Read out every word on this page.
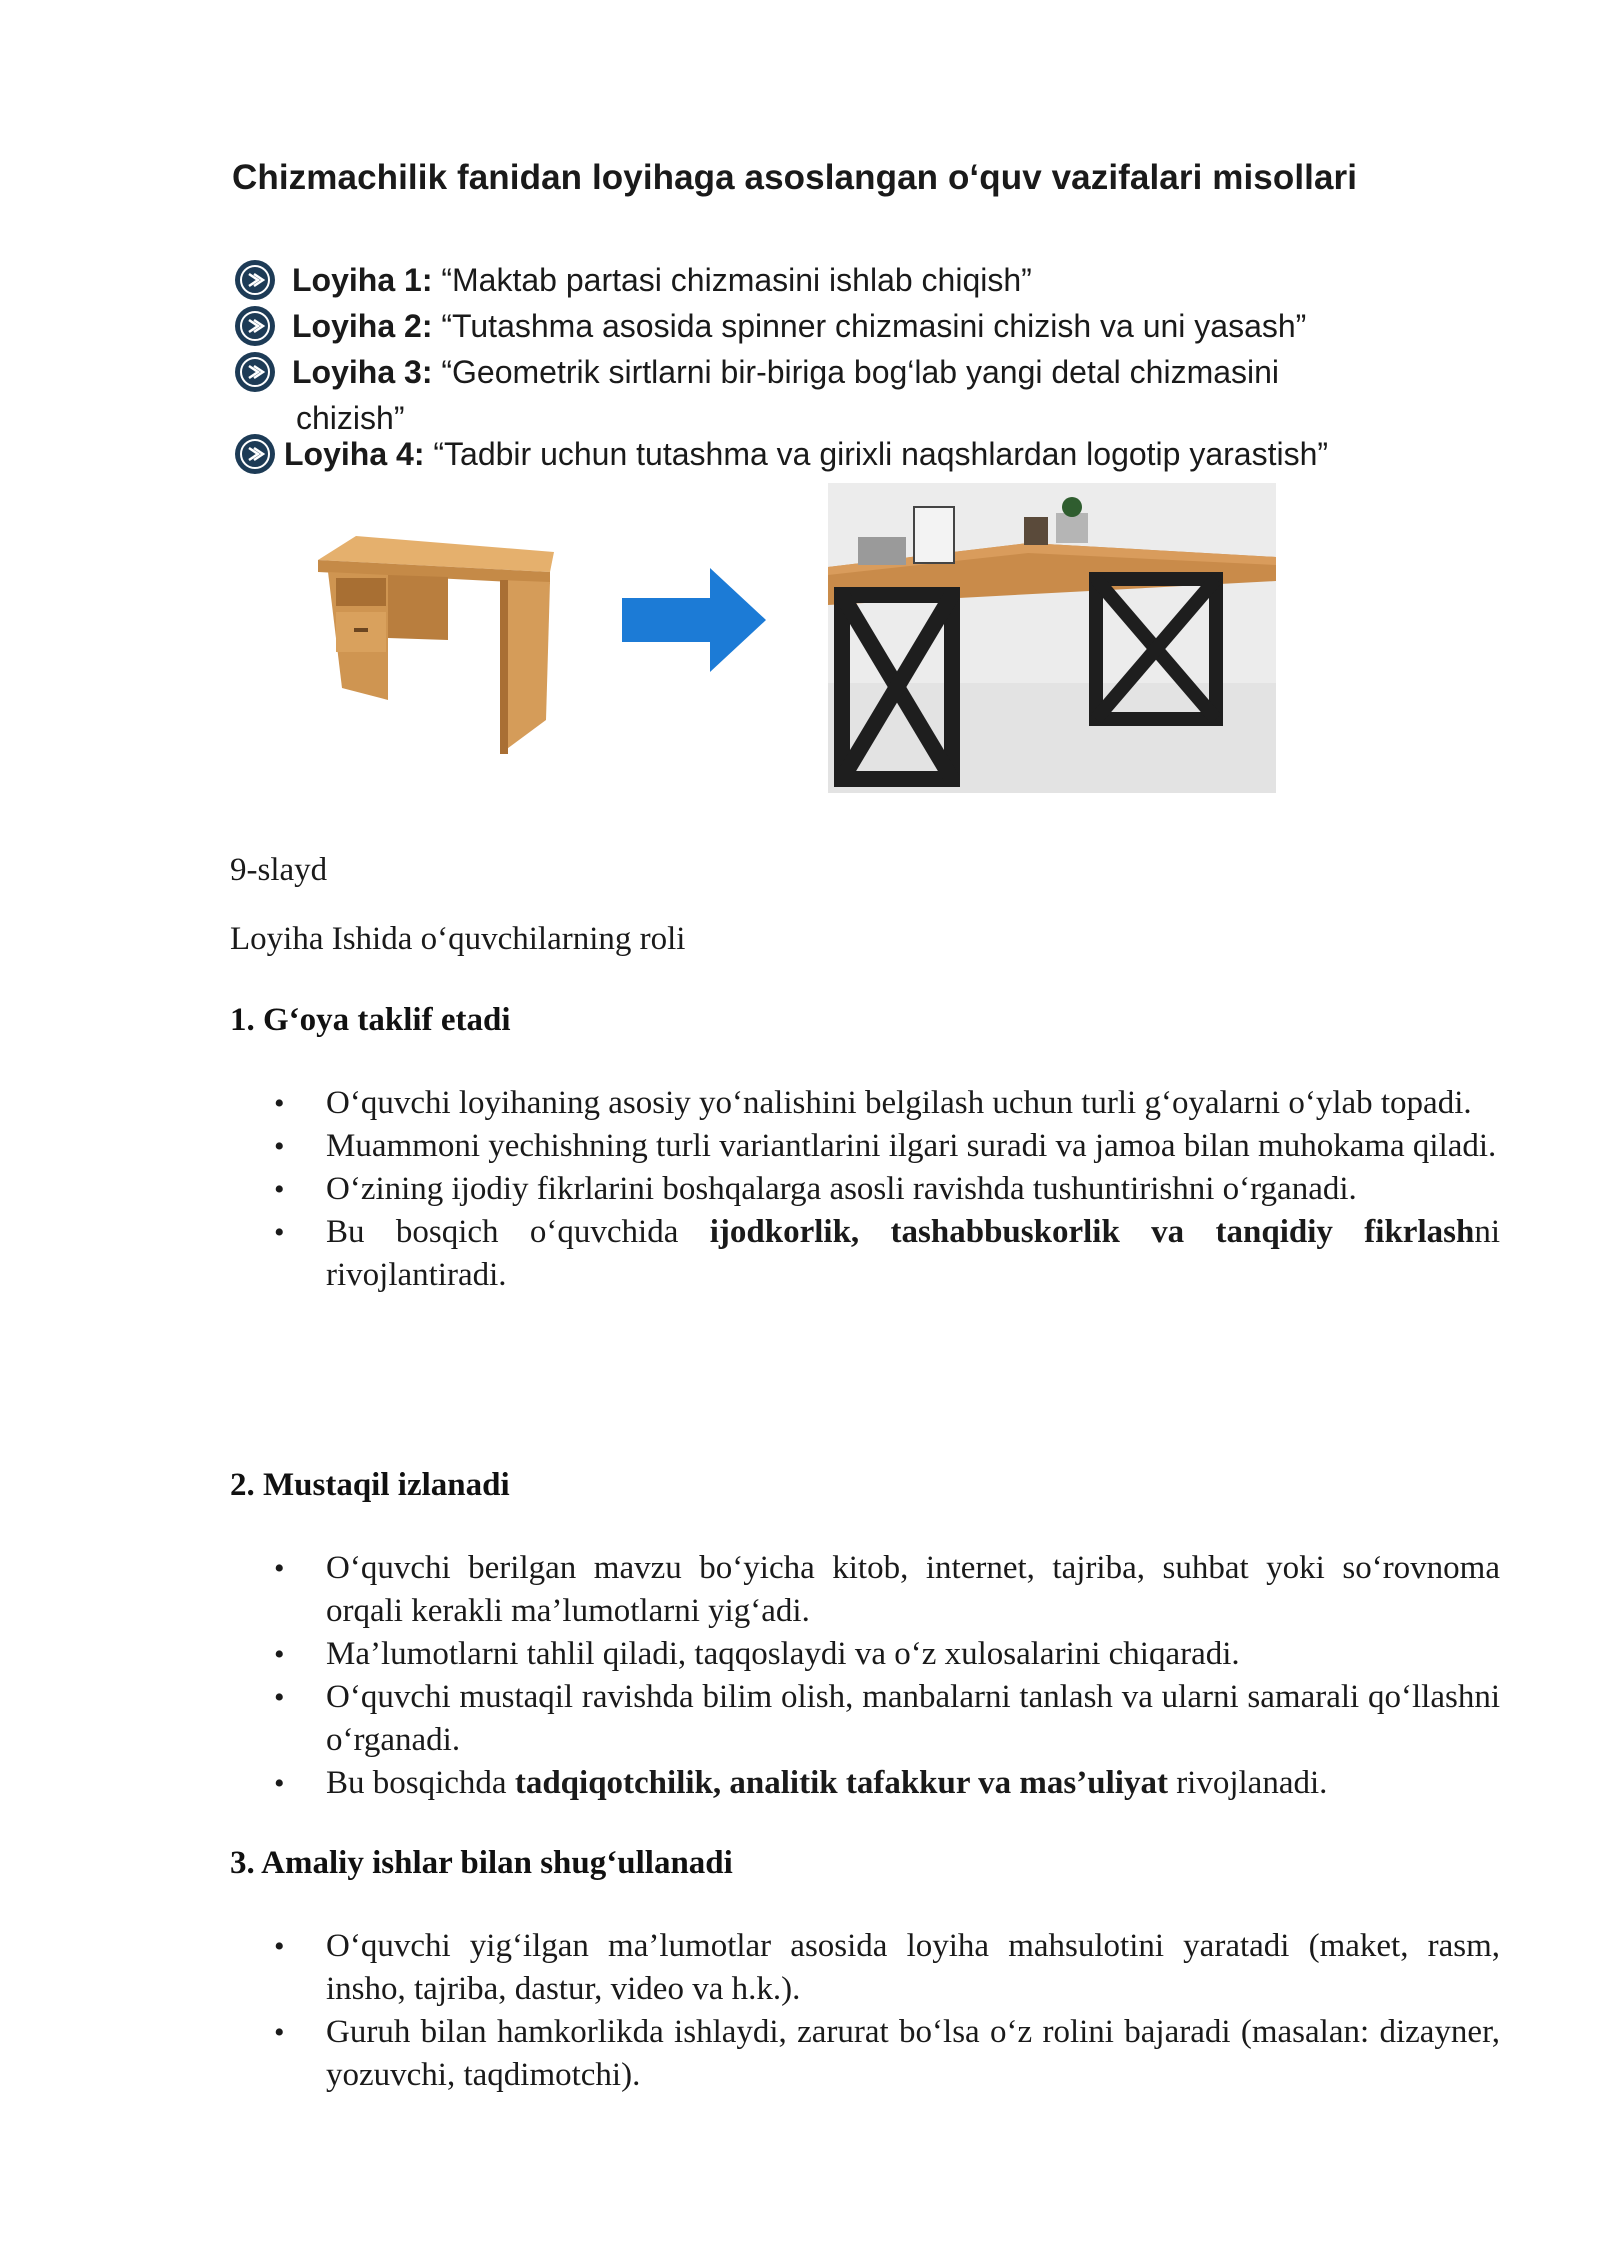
Chizmachilik fanidan loyihaga asoslangan o‘quv vazifalari misollari
Loyiha 1: “Maktab partasi chizmasini ishlab chiqish”
Loyiha 2: “Tutashma asosida spinner chizmasini chizish va uni yasash”
Loyiha 3: “Geometrik sirtlarni bir-biriga bog‘lab yangi detal chizmasini
chizish”
Loyiha 4: “Tadbir uchun tutashma va girixli naqshlardan logotip yarastish”
9-slayd
Loyiha Ishida o‘quvchilarning roli
1. G‘oya taklif etadi
• O‘quvchi loyihaning asosiy yo‘nalishini belgilash uchun turli g‘oyalarni o‘ylab topadi.
• Muammoni yechishning turli variantlarini ilgari suradi va jamoa bilan muhokama qiladi.
• O‘zining ijodiy fikrlarini boshqalarga asosli ravishda tushuntirishni o‘rganadi.
• Bu bosqich o‘quvchida ijodkorlik, tashabbuskorlik va tanqidiy fikrlashni rivojlantiradi.
2. Mustaqil izlanadi
• O‘quvchi berilgan mavzu bo‘yicha kitob, internet, tajriba, suhbat yoki so‘rovnoma orqali kerakli ma’lumotlarni yig‘adi.
• Ma’lumotlarni tahlil qiladi, taqqoslaydi va o‘z xulosalarini chiqaradi.
• O‘quvchi mustaqil ravishda bilim olish, manbalarni tanlash va ularni samarali qo‘llashni o‘rganadi.
• Bu bosqichda tadqiqotchilik, analitik tafakkur va mas’uliyat rivojlanadi.
3. Amaliy ishlar bilan shug‘ullanadi
• O‘quvchi yig‘ilgan ma’lumotlar asosida loyiha mahsulotini yaratadi (maket, rasm, insho, tajriba, dastur, video va h.k.).
• Guruh bilan hamkorlikda ishlaydi, zarurat bo‘lsa o‘z rolini bajaradi (masalan: dizayner, yozuvchi, taqdimotchi).
